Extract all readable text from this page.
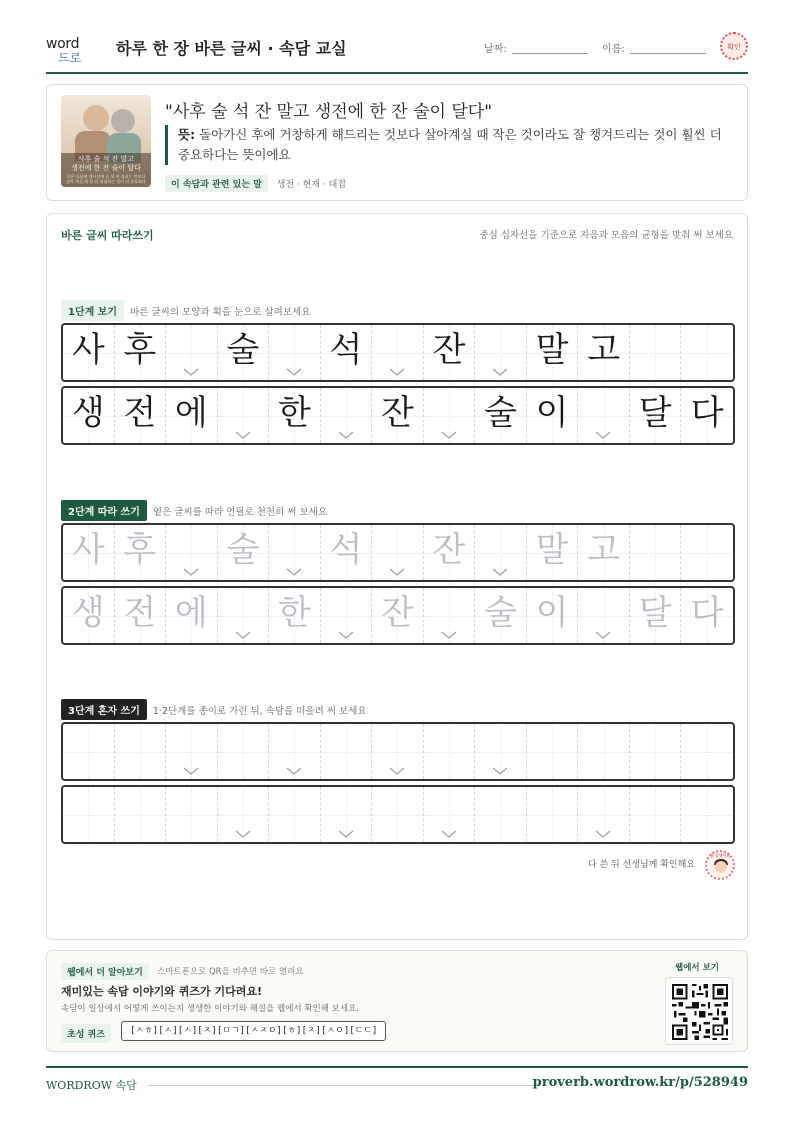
word
드로 하루 한 장 바른 글씨 · 속담 교실	날짜:	이름:	확인
사후 술 석 잔 말고
생전에 한 잔 술이 달다
죽은 다음에 제사상에 술 석 잔 올리는 것보다
살아 계실 때 한 잔 대접하는 것이 더 중요하다
"사후 술 석 잔 말고 생전에 한 잔 술이 달다"
뜻: 돌아가신 후에 거창하게 해드리는 것보다 살아계실 때 작은 것이라도 잘 챙겨드리는 것이 훨씬 더 중요하다는 뜻이에요
이 속담과 관련 있는 말 생전 · 현재 · 대접
바른 글씨 따라쓰기	중심 십자선을 기준으로 자음과 모음의 균형을 맞춰 써 보세요
1단계 보기 바른 글씨의 모양과 획을 눈으로 살펴보세요
사 후 술 석 잔 말 고
생 전 에 한 잔 술 이 달 다
2단계 따라 쓰기 옅은 글씨를 따라 연필로 천천히 써 보세요
사 후 술 석 잔 말 고
생 전 에 한 잔 술 이 달 다
3단계 혼자 쓰기 1·2단계를 종이로 가린 뒤, 속담을 떠올려 써 보세요
다 쓴 뒤 선생님께 확인해요
참 잘했어요
웹에서 더 알아보기	스마트폰으로 QR을 비추면 바로 열려요
재미있는 속담 이야기와 퀴즈가 기다려요!
속담이 일상에서 어떻게 쓰이는지 생생한 이야기와 해설을 웹에서 확인해 보세요.
초성 퀴즈	[ㅅㅎ][ㅅ][ㅅ][ㅈ][ㅁㄱ][ㅅㅈㅇ][ㅎ][ㅈ][ㅅㅇ][ㄷㄷ]
웹에서 보기
WORDROW 속담	proverb.wordrow.kr/p/528949
